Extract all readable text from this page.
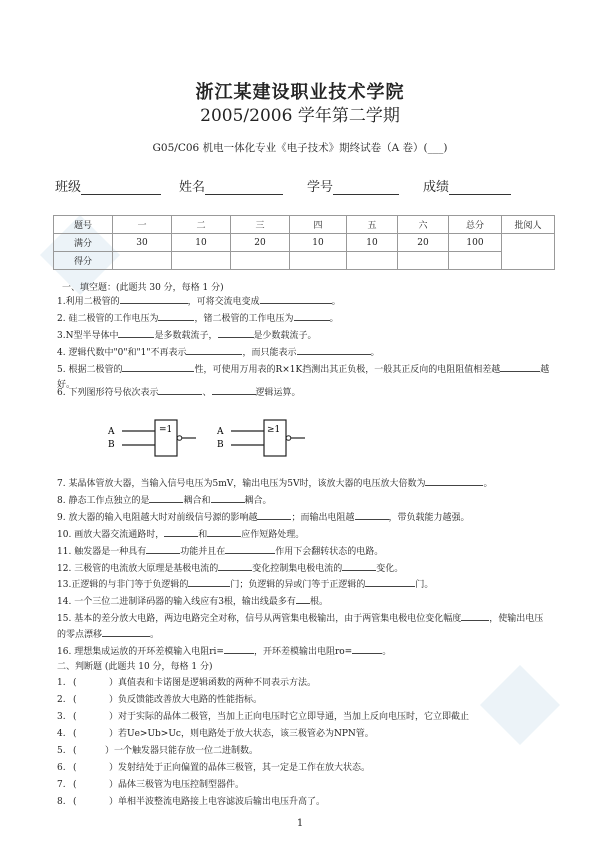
浙江某建设职业技术学院
2005/2006 学年第二学期
G05/C06 机电一体化专业《电子技术》期终试卷（A 卷）(___)
班级	姓名	学号	成绩
题号	一	二	三	四	五	六	总分	批阅人
满分	30	10	20	10	10	20	100	
得分								
一、填空题：(此题共 30 分，每格 1 分)
1.利用二极管的	，可将交流电变成	。
2. 硅二极管的工作电压为	，锗二极管的工作电压为	。
3.N型半导体中	是多数载流子，	是少数载流子。
4. 逻辑代数中"0"和"1"不再表示	，而只能表示	。
5. 根据二极管的	性，可使用万用表的R×1K挡测出其正负极，一般其正反向的电阻阻值相差越	越
好。
6. 下列图形符号依次表示	、	逻辑运算。
A
B
=1	A
B
≥1
7. 某晶体管放大器，当输入信号电压为5mV，输出电压为5V时，该放大器的电压放大倍数为	。
8. 静态工作点独立的是	耦合和	耦合。
9. 放大器的输入电阻越大时对前级信号源的影响越	；而输出电阻越	，带负载能力越强。
10. 画放大器交流通路时，	和	应作短路处理。
11. 触发器是一种具有	功能并且在	作用下会翻转状态的电路。
12. 三极管的电流放大原理是基极电流的	变化控制集电极电流的	变化。
13.正逻辑的与非门等于负逻辑的	门；负逻辑的异或门等于正逻辑的	门。
14. 一个三位二进制译码器的输入线应有3根，输出线最多有 根。
15. 基本的差分放大电路，两边电路完全对称，信号从两管集电极输出，由于两管集电极电位变化幅度	，使输出电压
的零点漂移	。
16. 理想集成运放的开环差模输入电阻ri=	，开环差模输出电阻ro=	。
二、判断题 (此题共 10 分，每格 1 分)
1. (	）真值表和卡诺图是逻辑函数的两种不同表示方法。
2. (	）负反馈能改善放大电路的性能指标。
3. (	）对于实际的晶体二极管，当加上正向电压时它立即导通，当加上反向电压时，它立即截止
4. (	）若Ue>Ub>Uc，则电路处于放大状态，该三极管必为NPN管。
5. (	）一个触发器只能存放一位二进制数。
6. (	）发射结处于正向偏置的晶体三极管，其一定是工作在放大状态。
7. (	）晶体三极管为电压控制型器件。
8. (	）单相半波整流电路接上电容滤波后输出电压升高了。
1
